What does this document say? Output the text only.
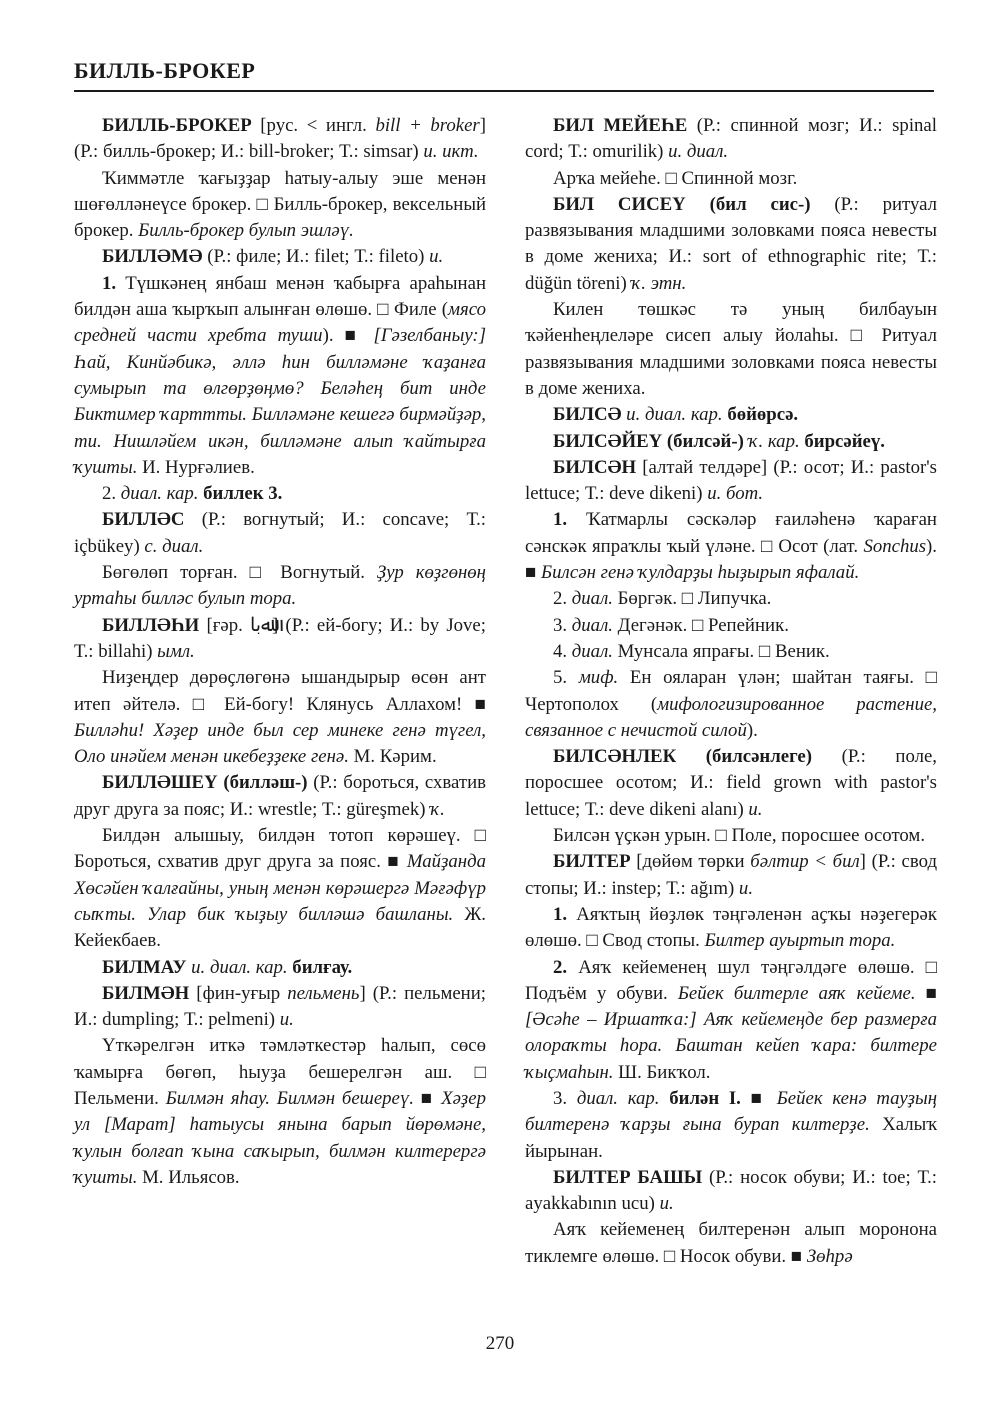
БИЛЛЬ-БРОКЕР

БИЛЛЬ-БРОКЕР [рус. < ингл. bill + broker] (Р.: билль-брокер; И.: bill-broker; Т.: simsar) и. икт.

Ҡиммәтле ҡағыҙҙар һатыу-алыу эше менән шөғөлләнеүсе брокер. □ Билль-брокер, вексельный брокер. Билль-брокер булып эшләү.

БИЛЛӘМӘ (Р.: филе; И.: filet; Т.: fileto) и.

1. Түшкәнең янбаш менән ҡабырға араһынан билдән аша ҡырҡып алынған өлөшө. □ Филе (мясо средней части хребта туши). ■ [Гәзелбаныу:] Һай, Кинйәбикә, әллә һин билләмәне ҡаҙанға сумырып та өлгөрҙөңмө? Беләһең бит инде Биктимер ҡарттты. Билләмәне кешегә бирмәйҙәр, ти. Нишләйем икән, билләмәне алып ҡайтырға ҡушты. И. Нурғәлиев.

2. диал. кар. биллек 3.

БИЛЛӘС (Р.: вогнутый; И.: concave; Т.: içbükey) с. диал.

Бөгөлөп торған. □ Вогнутый. Ҙур көҙгөнөң уртаһы билләс булып тора.

БИЛЛӘҺИ [ғәр. ﷲﺑﺎ] (Р.: ей-богу; И.: by Jove; Т.: billahi) ымл.

Ниҙеңдер дөрөҫлөгөнә ышандырыр өсөн ант итеп әйтелә. □ Ей-богу! Клянусь Аллахом! ■ Билләһи! Хәҙер инде был сер минеке генә түгел, Оло инәйем менән икебеҙҙеке генә. М. Кәрим.

БИЛЛӘШЕҮ (билләш-) (Р.: бороться, схватив друг друга за пояс; И.: wrestle; Т.: güreşmek) ҡ.

Билдән алышыу, билдән тотоп көрәшеү. □ Бороться, схватив друг друга за пояс. ■ Майҙанда Хөсәйен ҡалғайны, уның менән көрәшергә Мәғәфүр сыҡты. Улар бик ҡыҙыу билләшә башланы. Ж. Кейекбаев.

БИЛМАУ и. диал. кар. билғау.

БИЛМӘН [фин-уғыр пельмень] (Р.: пельмени; И.: dumpling; Т.: pelmeni) и.

Үткәрелгән иткә тәмләткестәр һалып, сөсө ҡамырға бөгөп, һыуҙа бешерелгән аш. □ Пельмени. Билмән яһау. Билмән бешереү. ■ Хәҙер ул [Марат] һатыусы янына барып йөрөмәне, ҡулын болғап ҡына саҡырып, билмән килтерергә ҡушты. М. Ильясов.

БИЛ МЕЙЕҺЕ (Р.: спинной мозг; И.: spinal cord; Т.: omurilik) и. диал.

Арҡа мейеһе. □ Спинной мозг.

БИЛ СИСЕҮ (бил сис-) (Р.: ритуал развязывания младшими золовками пояса невесты в доме жениха; И.: sort of ethnographic rite; Т.: düğün töreni) ҡ. этн.

Килен төшкәс тә уның билбауын ҡәйенһеңлеләре сисеп алыу йолаһы. □ Ритуал развязывания младшими золовками пояса невесты в доме жениха.

БИЛСӘ и. диал. кар. бөйөрсә.

БИЛСӘЙЕҮ (билсәй-) ҡ. кар. бирсәйеү.

БИЛСӘН [алтай телдәре] (Р.: осот; И.: pastor's lettuce; Т.: deve dikeni) и. бот.

1. Ҡатмарлы сәскәләр ғаиләһенә ҡараған сәнскәк япраҡлы ҡый үләне. □ Осот (лат. Sonchus). ■ Билсән генә ҡулдарҙы һыҙырып яфалай.

2. диал. Бөргәк. □ Липучка.

3. диал. Дегәнәк. □ Репейник.

4. диал. Мунсала япрағы. □ Веник.

5. миф. Ен ояларан үлән; шайтан таяғы. □ Чертополох (мифологизированное растение, связанное с нечистой силой).

БИЛСӘНЛЕК (билсәнлеге) (Р.: поле, поросшее осотом; И.: field grown with pastor's lettuce; Т.: deve dikeni alanı) и.

Билсән үҫкән урын. □ Поле, поросшее осотом.

БИЛТЕР [дөйөм төрки бәлтир < бил] (Р.: свод стопы; И.: instep; Т.: ağım) и.

1. Аяҡтың йөҙлөк тәңгәленән аҫҡы нәҙегерәк өлөшө. □ Свод стопы. Билтер ауыртып тора.

2. Аяҡ кейеменең шул тәңгәлдәге өлөшө. □ Подъём у обуви. Бейек билтерле аяҡ кейеме. ■ [Әсәһе – Иршатҡа:] Аяҡ кейемеңде бер размерға олораҡты һора. Баштан кейеп ҡара: билтере ҡыҫмаһын. Ш. Бикҡол.

3. диал. кар. билән I. ■ Бейек кенә тауҙың билтеренә ҡарҙы ғына бурап килтерҙе. Халыҡ йырынан.

БИЛТЕР БАШЫ (Р.: носок обуви; И.: toe; Т.: ayakkabının ucu) и.

Аяҡ кейеменең билтеренән алып моронона тиклемге өлөшө. □ Носок обуви. ■ Зөһрә

270
